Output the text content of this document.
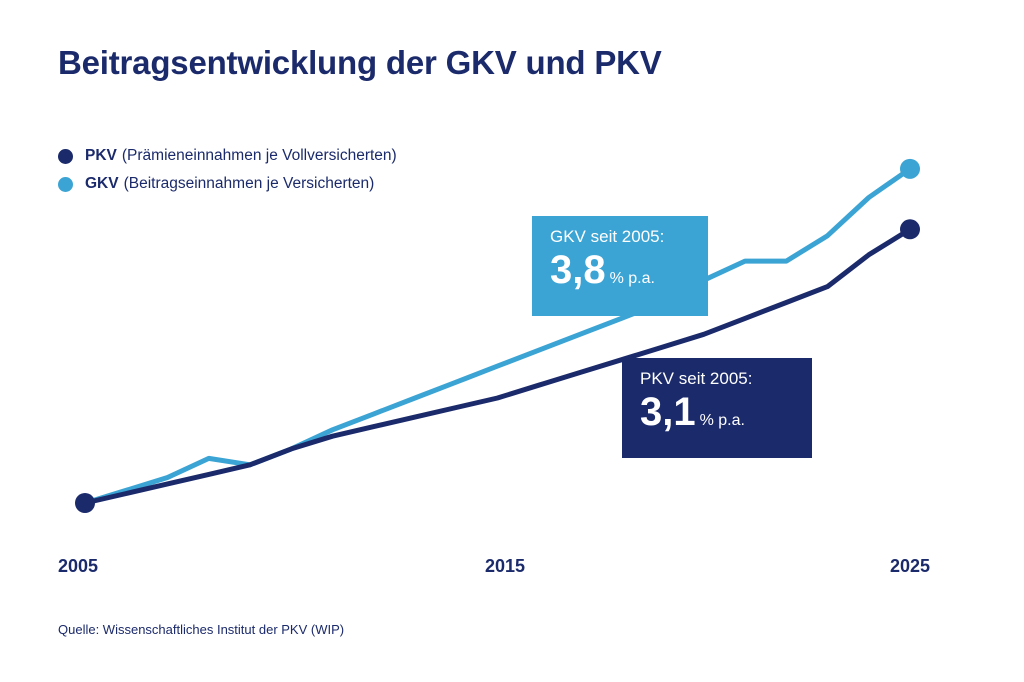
Beitragsentwicklung der GKV und PKV
PKV (Prämieneinnahmen je Vollversicherten)
GKV (Beitragseinnahmen je Versicherten)
GKV seit 2005:
3,8 % p.a.
PKV seit 2005:
3,1 % p.a.
2005	2015	2025
Quelle: Wissenschaftliches Institut der PKV (WIP)
